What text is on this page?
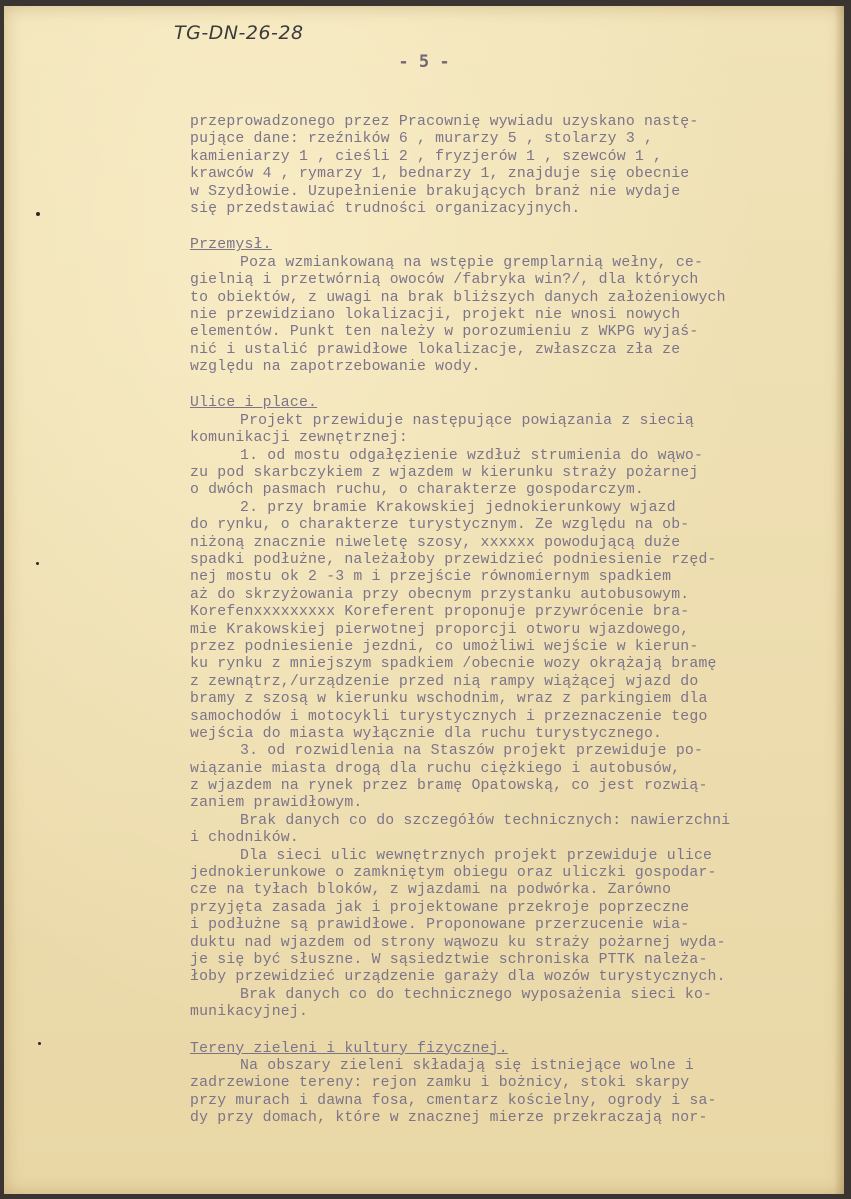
TG-DN-26-28
- 5 -
przeprowadzonego przez Pracownię wywiadu uzyskano nastę-
pujące dane: rzeźników 6 , murarzy 5 , stolarzy 3 ,
kamieniarzy 1 , cieśli 2 , fryzjerów 1 , szewców 1 ,
krawców 4 , rymarzy 1, bednarzy 1, znajduje się obecnie
w Szydłowie. Uzupełnienie brakujących branż nie wydaje
się przedstawiać trudności organizacyjnych.
Przemysł.
Poza wzmiankowaną na wstępie gremplarnią wełny, ce-
gielnią i przetwórnią owoców /fabryka win?/, dla których
to obiektów, z uwagi na brak bliższych danych założeniowych
nie przewidziano lokalizacji, projekt nie wnosi nowych
elementów. Punkt ten należy w porozumieniu z WKPG wyjaś-
nić i ustalić prawidłowe lokalizacje, zwłaszcza zła ze
względu na zapotrzebowanie wody.
Ulice i place.
Projekt przewiduje następujące powiązania z siecią
komunikacji zewnętrznej:
1. od mostu odgałęzienie wzdłuż strumienia do wąwo-
zu pod skarbczykiem z wjazdem w kierunku straży pożarnej
o dwóch pasmach ruchu, o charakterze gospodarczym.
2. przy bramie Krakowskiej jednokierunkowy wjazd
do rynku, o charakterze turystycznym. Ze względu na ob-
niżoną znacznie niweletę szosy, xxxxxx powodującą duże
spadki podłużne, należałoby przewidzieć podniesienie rzęd-
nej mostu ok 2 -3 m i przejście równomiernym spadkiem
aż do skrzyżowania przy obecnym przystanku autobusowym.
Korefenxxxxxxxxx Koreferent proponuje przywrócenie bra-
mie Krakowskiej pierwotnej proporcji otworu wjazdowego,
przez podniesienie jezdni, co umożliwi wejście w kierun-
ku rynku z mniejszym spadkiem /obecnie wozy okrążają bramę
z zewnątrz,/urządzenie przed nią rampy wiążącej wjazd do
bramy z szosą w kierunku wschodnim, wraz z parkingiem dla
samochodów i motocykli turystycznych i przeznaczenie tego
wejścia do miasta wyłącznie dla ruchu turystycznego.
3. od rozwidlenia na Staszów projekt przewiduje po-
wiązanie miasta drogą dla ruchu ciężkiego i autobusów,
z wjazdem na rynek przez bramę Opatowską, co jest rozwią-
zaniem prawidłowym.
Brak danych co do szczegółów technicznych: nawierzchni
i chodników.
Dla sieci ulic wewnętrznych projekt przewiduje ulice
jednokierunkowe o zamkniętym obiegu oraz uliczki gospodar-
cze na tyłach bloków, z wjazdami na podwórka. Zarówno
przyjęta zasada jak i projektowane przekroje poprzeczne
i podłużne są prawidłowe. Proponowane przerzucenie wia-
duktu nad wjazdem od strony wąwozu ku straży pożarnej wyda-
je się być słuszne. W sąsiedztwie schroniska PTTK należa-
łoby przewidzieć urządzenie garaży dla wozów turystycznych.
Brak danych co do technicznego wyposażenia sieci ko-
munikacyjnej.
Tereny zieleni i kultury fizycznej.
Na obszary zieleni składają się istniejące wolne i
zadrzewione tereny: rejon zamku i bożnicy, stoki skarpy
przy murach i dawna fosa, cmentarz kościelny, ogrody i sa-
dy przy domach, które w znacznej mierze przekraczają nor-
